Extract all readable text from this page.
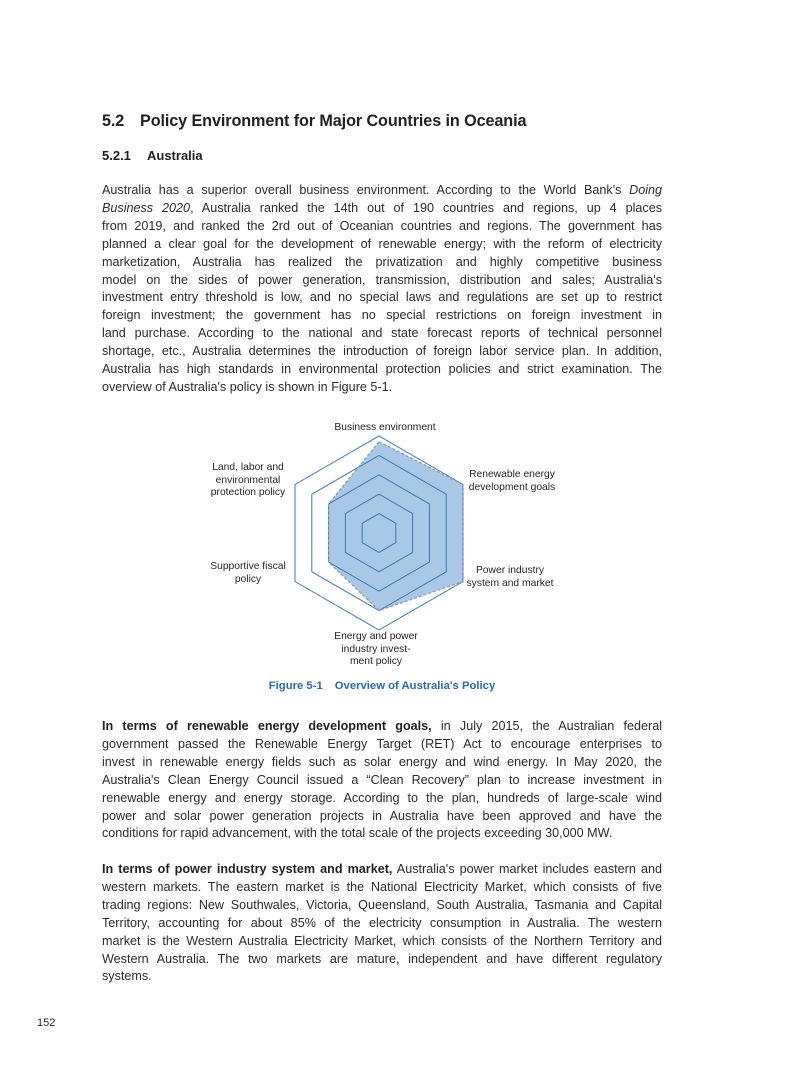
5.2 Policy Environment for Major Countries in Oceania
5.2.1 Australia
Australia has a superior overall business environment. According to the World Bank's Doing
Business 2020, Australia ranked the 14th out of 190 countries and regions, up 4 places
from 2019, and ranked the 2rd out of Oceanian countries and regions. The government has
planned a clear goal for the development of renewable energy; with the reform of electricity
marketization, Australia has realized the privatization and highly competitive business
model on the sides of power generation, transmission, distribution and sales; Australia's
investment entry threshold is low, and no special laws and regulations are set up to restrict
foreign investment; the government has no special restrictions on foreign investment in
land purchase. According to the national and state forecast reports of technical personnel
shortage, etc., Australia determines the introduction of foreign labor service plan. In addition,
Australia has high standards in environmental protection policies and strict examination. The
overview of Australia's policy is shown in Figure 5-1.
Business environment
Renewable energy
development goals
Power industry
system and market
Energy and power
industry invest-
ment policy
Supportive fiscal
policy
Land, labor and
environmental
protection policy
Figure 5-1 Overview of Australia's Policy
In terms of renewable energy development goals, in July 2015, the Australian federal
government passed the Renewable Energy Target (RET) Act to encourage enterprises to
invest in renewable energy fields such as solar energy and wind energy. In May 2020, the
Australia's Clean Energy Council issued a “Clean Recovery” plan to increase investment in
renewable energy and energy storage. According to the plan, hundreds of large-scale wind
power and solar power generation projects in Australia have been approved and have the
conditions for rapid advancement, with the total scale of the projects exceeding 30,000 MW.
In terms of power industry system and market, Australia's power market includes eastern and
western markets. The eastern market is the National Electricity Market, which consists of five
trading regions: New Southwales, Victoria, Queensland, South Australia, Tasmania and Capital
Territory, accounting for about 85% of the electricity consumption in Australia. The western
market is the Western Australia Electricity Market, which consists of the Northern Territory and
Western Australia. The two markets are mature, independent and have different regulatory
systems.
152
